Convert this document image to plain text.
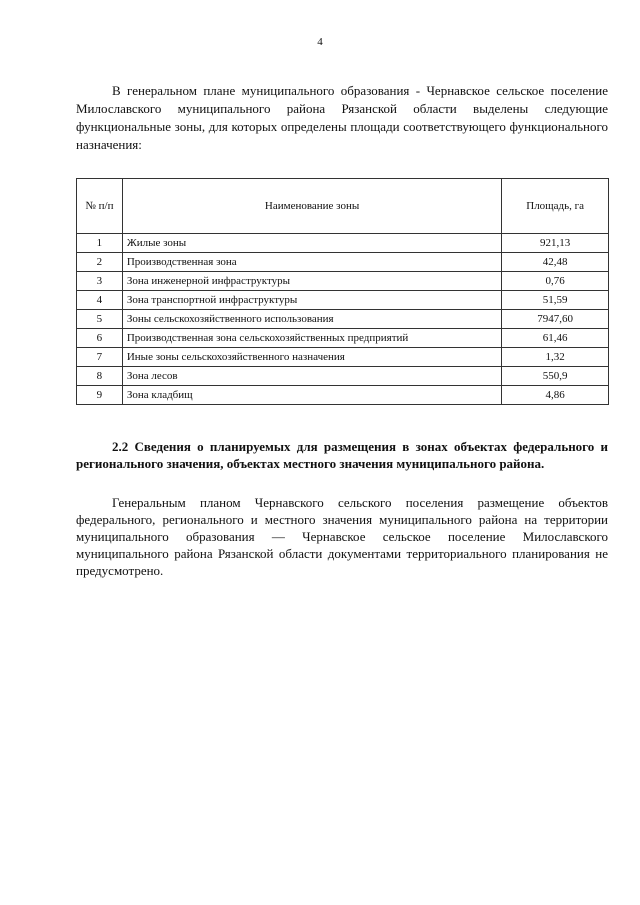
4

В генеральном плане муниципального образования - Чернавское сельское поселение Милославского муниципального района Рязанской области выделены следующие функциональные зоны, для которых определены площади соответствующего функционального назначения:

№ п/п	Наименование зоны	Площадь, га
1	Жилые зоны	921,13
2	Производственная зона	42,48
3	Зона инженерной инфраструктуры	0,76
4	Зона транспортной инфраструктуры	51,59
5	Зоны сельскохозяйственного использования	7947,60
6	Производственная зона сельскохозяйственных предприятий	61,46
7	Иные зоны сельскохозяйственного назначения	1,32
8	Зона лесов	550,9
9	Зона кладбищ	4,86

2.2 Сведения о планируемых для размещения в зонах объектах федерального и регионального значения, объектах местного значения муниципального района.

Генеральным планом Чернавского сельского поселения размещение объектов федерального, регионального и местного значения муниципального района на территории муниципального образования — Чернавское сельское поселение Милославского муниципального района Рязанской области документами территориального планирования не предусмотрено.
